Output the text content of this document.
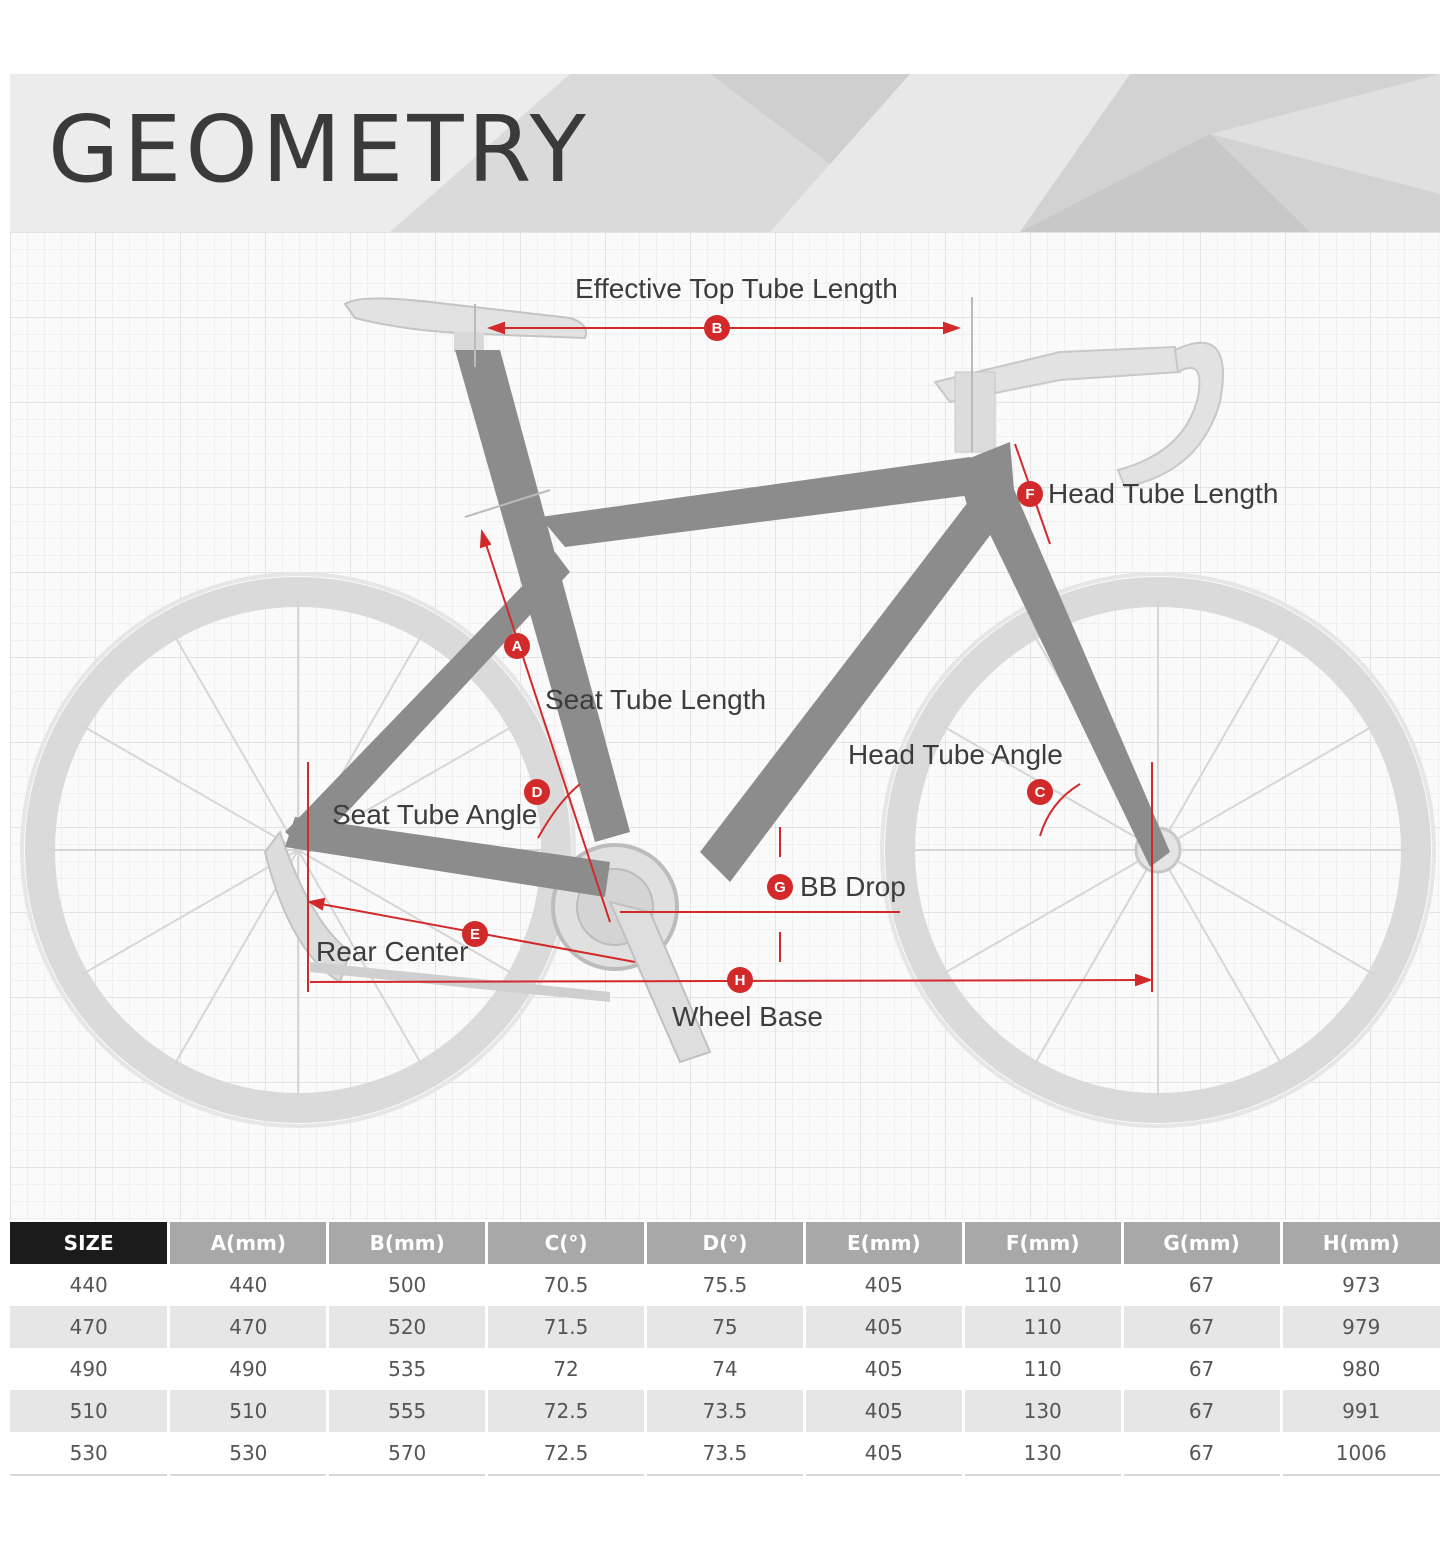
GEOMETRY
B
F
A
D	C
G
E
H
Effective Top Tube Length
Head Tube Length
Seat Tube Length
Head Tube Angle
Seat Tube Angle
BB Drop
Rear Center
Wheel Base
SIZE	A(mm)	B(mm)	C(°)	D(°)	E(mm)	F(mm)	G(mm)	H(mm)
440	440	500	70.5	75.5	405	110	67	973
470	470	520	71.5	75	405	110	67	979
490	490	535	72	74	405	110	67	980
510	510	555	72.5	73.5	405	130	67	991
530	530	570	72.5	73.5	405	130	67	1006
